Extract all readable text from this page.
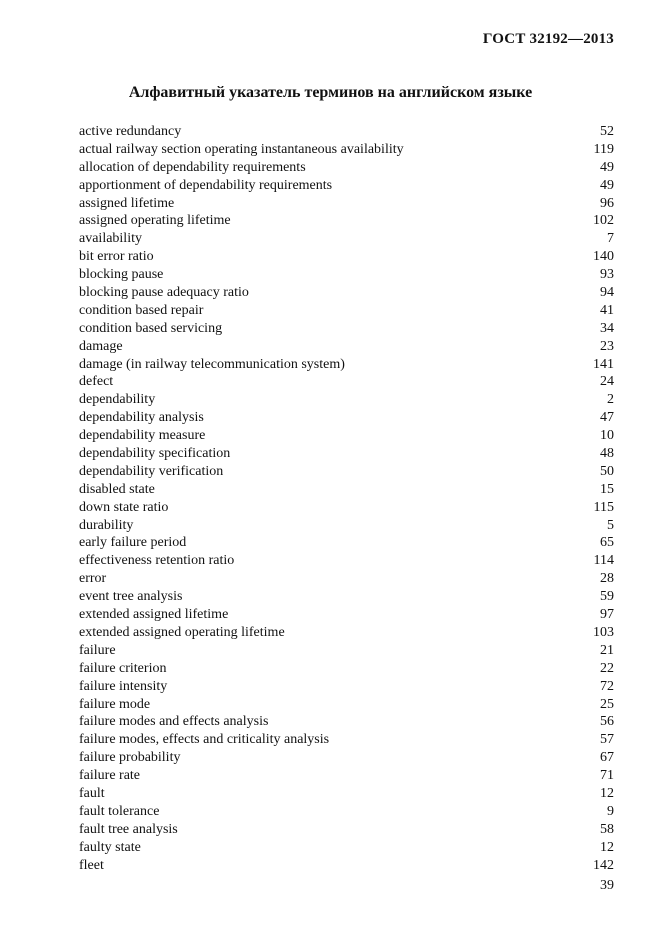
ГОСТ 32192—2013
Алфавитный указатель терминов на английском языке
active redundancy	52
actual railway section operating instantaneous availability	119
allocation of dependability requirements	49
apportionment of dependability requirements	49
assigned lifetime	96
assigned operating lifetime	102
availability	7
bit error ratio	140
blocking pause	93
blocking pause adequacy ratio	94
condition based repair	41
condition based servicing	34
damage	23
damage (in railway telecommunication system)	141
defect	24
dependability	2
dependability analysis	47
dependability measure	10
dependability specification	48
dependability verification	50
disabled state	15
down state ratio	115
durability	5
early failure period	65
effectiveness retention ratio	114
error	28
event tree analysis	59
extended assigned lifetime	97
extended assigned operating lifetime	103
failure	21
failure criterion	22
failure intensity	72
failure mode	25
failure modes and effects analysis	56
failure modes, effects and criticality analysis	57
failure probability	67
failure rate	71
fault	12
fault tolerance	9
fault tree analysis	58
faulty state	12
fleet	142
39
